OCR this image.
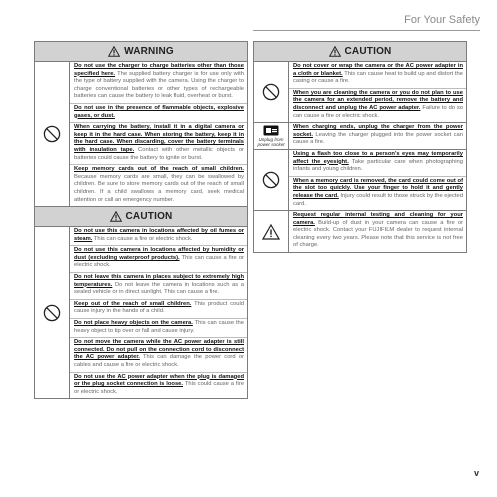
For Your Safety
WARNING
Do not use the charger to charge batteries other than those specified here. The supplied battery charger is for use only with the type of battery supplied with the camera. Using the charger to charge conventional batteries or other types of rechargeable batteries can cause the battery to leak fluid, overheat or burst.
Do not use in the presence of flammable objects, explosive gases, or dust.
When carrying the battery, install it in a digital camera or keep it in the hard case. When storing the battery, keep it in the hard case. When discarding, cover the battery terminals with insulation tape. Contact with other metallic objects or batteries could cause the battery to ignite or burst.
Keep memory cards out of the reach of small children. Because memory cards are small, they can be swallowed by children. Be sure to store memory cards out of the reach of small children. If a child swallows a memory card, seek medical attention or call an emergency number.
CAUTION
Do not use this camera in locations affected by oil fumes or steam. This can cause a fire or electric shock.
Do not use this camera in locations affected by humidity or dust (excluding waterproof products). This can cause a fire or electric shock.
Do not leave this camera in places subject to extremely high temperatures. Do not leave the camera in locations such as a sealed vehicle or in direct sunlight. This can cause a fire.
Keep out of the reach of small children. This product could cause injury in the hands of a child.
Do not place heavy objects on the camera. This can cause the heavy object to tip over or fall and cause injury.
Do not move the camera while the AC power adapter is still connected. Do not pull on the connection cord to disconnect the AC power adapter. This can damage the power cord or cables and cause a fire or electric shock.
Do not use the AC power adapter when the plug is damaged or the plug socket connection is loose. This could cause a fire or electric shock.
CAUTION
Do not cover or wrap the camera or the AC power adapter in a cloth or blanket. This can cause heat to build up and distort the casing or cause a fire.
When you are cleaning the camera or you do not plan to use the camera for an extended period, remove the battery and disconnect and unplug the AC power adapter. Failure to do so can cause a fire or electric shock.
Unplug from power socket
When charging ends, unplug the charger from the power socket. Leaving the charger plugged into the power socket can cause a fire.
Using a flash too close to a person's eyes may temporarily affect the eyesight. Take particular care when photographing infants and young children.
When a memory card is removed, the card could come out of the slot too quickly. Use your finger to hold it and gently release the card. Injury could result to those struck by the ejected card.
Request regular internal testing and cleaning for your camera. Build-up of dust in your camera can cause a fire or electric shock. Contact your FUJIFILM dealer to request internal cleaning every two years. Please note that this service is not free of charge.
v
